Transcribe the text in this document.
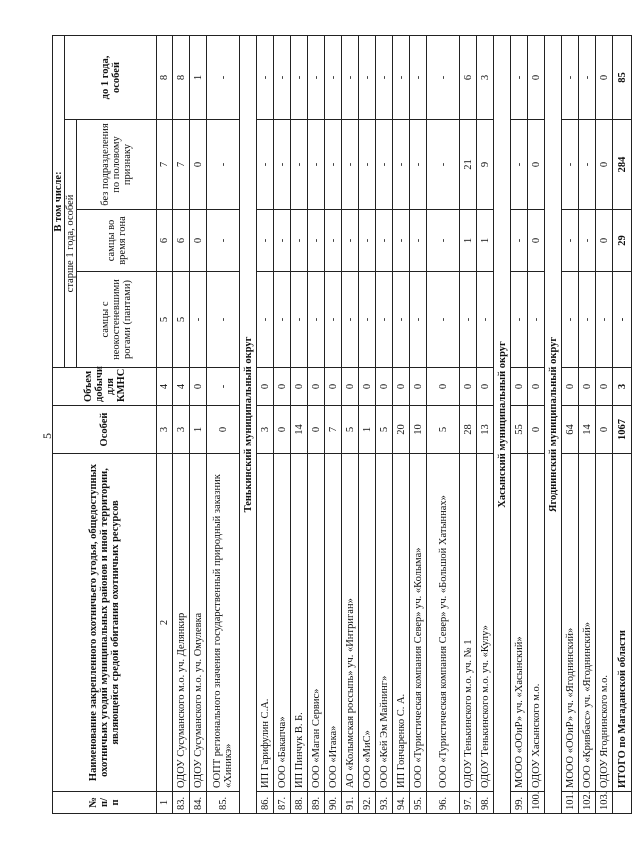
5
№ п/п	Наименование закрепленного охотничьего угодья, общедоступных охотничьих угодий муниципальных районов и иной территории, являющейся средой обитания охотничьих ресурсов	Особей	Объем добычи для КМНС	В том числе:			
				старше 1 года, особей			до 1 года, особей
				самцы с неокостеневшими рогами (пантами)	самцы во время гона	без подразделения по половому признаку	
1	2	3	4	5	6	7	8
83.	ОДОУ Сусуманского м.о. уч. Делянкир	3	4	5	6	7	8
84.	ОДОУ Сусуманского м.о. уч. Омулевка	1	0	-	0	0	1
85.	ООПТ регионального значения государственный природный заказник «Хиникэ»	0	-	-	-	-	-
Тенькинский муниципальный округ							
86.	ИП Гарифулин С.А.	3	0	-	-	-	-
87.	ООО «Бакапча»	0	0	-	-	-	-
88.	ИП Пинчук В. Б.	14	0	-	-	-	-
89.	ООО «Маган Сервис»	0	0	-	-	-	-
90.	ООО «Итака»	7	0	-	-	-	-
91.	АО «Колымская россыпь» уч. «Интриган»	5	0	-	-	-	-
92.	ООО «МиС»	1	0	-	-	-	-
93.	ООО «Кей Эм Майнинг»	5	0	-	-	-	-
94.	ИП Гончаренко С. А.	20	0	-	-	-	-
95.	ООО «Туристическая компания Север» уч. «Колыма»	10	0	-	-	-	-
96.	ООО «Туристическая компания Север» уч. «Большой Хатыннах»	5	0	-	-	-	-
97.	ОДОУ Тенькинского м.о. уч. № 1	28	0	-	1	21	6
98.	ОДОУ Тенькинского м.о. уч. «Кулу»	13	0	-	1	9	3
Хасынский муниципальный округ							
99.	МООО «ООиР» уч. «Хасынский»	55	0	-	-	-	-
100.	ОДОУ Хасынского м.о.	0	0	-	0	0	0
Ягоднинский муниципальный округ							
101.	МООО «ООиР» уч. «Ягоднинский»	64	0	-	-	-	-
102.	ООО «Кривбасс» уч. «Ягоднинский»	14	0	-	-	-	-
103.	ОДОУ Ягоднинского м.о.	0	0	-	0	0	0
	ИТОГО по Магаданской области	1067	3	-	29	284	85
